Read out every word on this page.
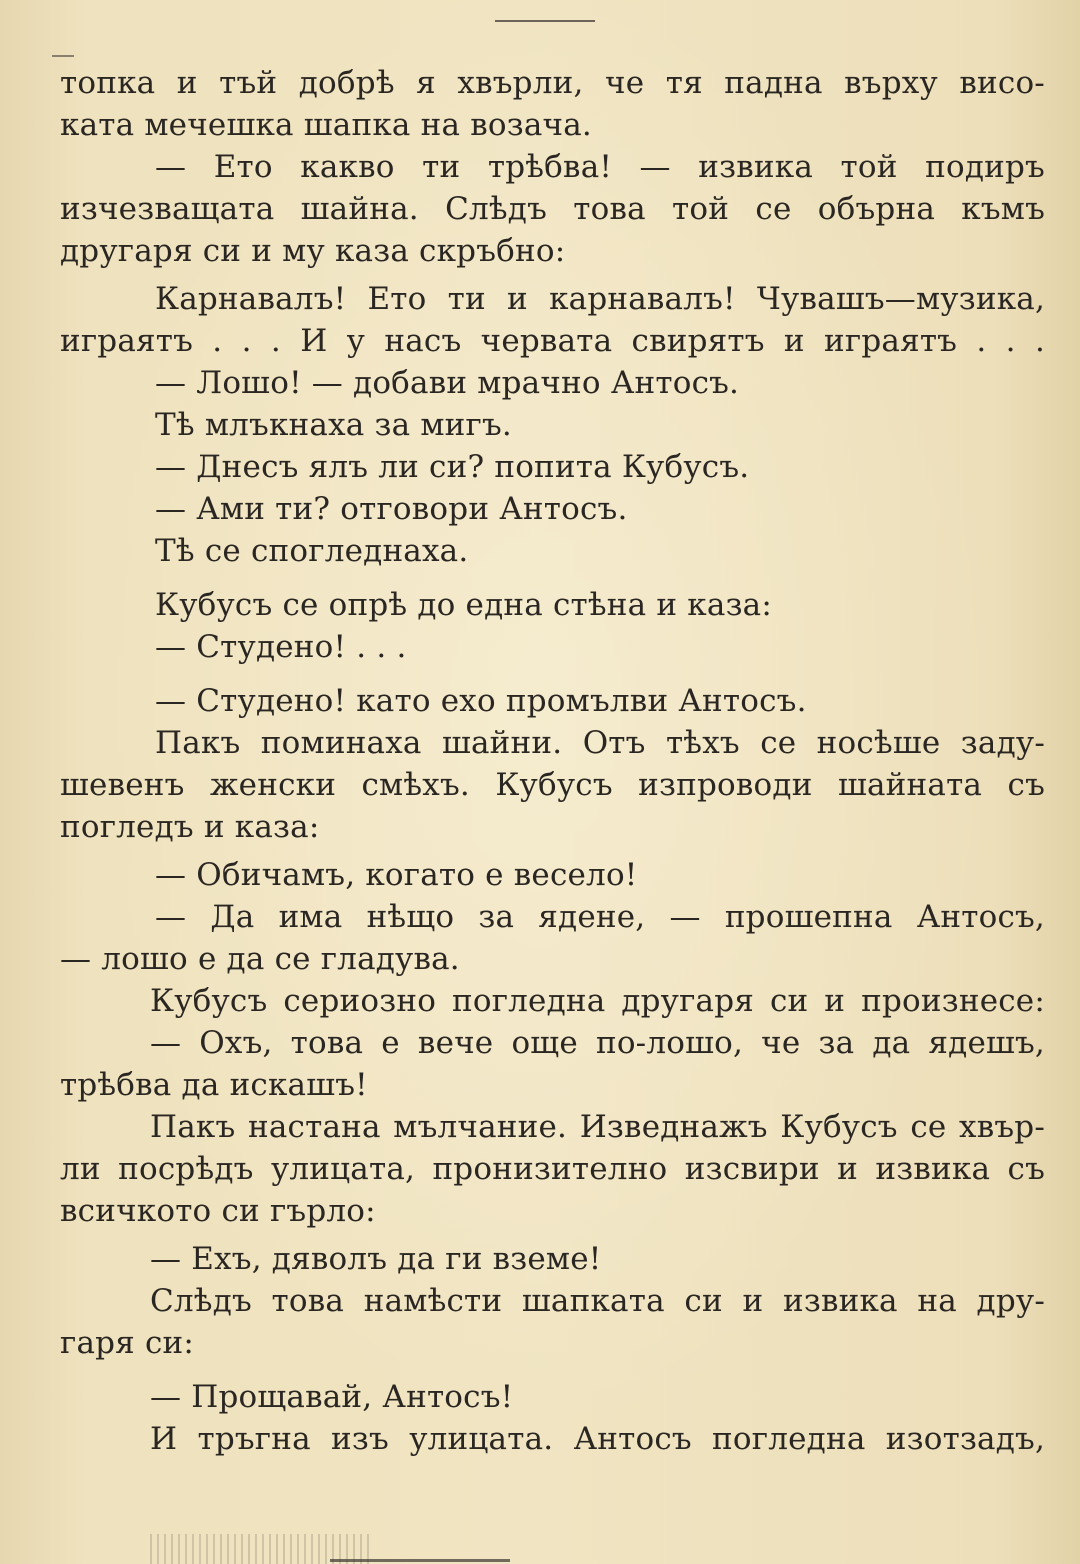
топка и тъй добрѣ я хвърли, че тя падна върху висо-
ката мечешка шапка на возача.
— Ето какво ти трѣбва! — извика той подиръ
изчезващата шайна. Слѣдъ това той се обърна къмъ
другаря си и му каза скръбно:
Карнавалъ! Ето ти и карнавалъ! Чувашъ—музика,
играятъ . . . И у насъ червата свирятъ и играятъ . . .
— Лошо! — добави мрачно Антосъ.
Тѣ млъкнаха за мигъ.
— Днесъ ялъ ли си? попита Кубусъ.
— Ами ти? отговори Антосъ.
Тѣ се спогледнаха.
Кубусъ се опрѣ до една стѣна и каза:
— Студено! . . .
— Студено! като ехо промълви Антосъ.
Пакъ поминаха шайни. Отъ тѣхъ се носѣше заду-
шевенъ женски смѣхъ. Кубусъ изпроводи шайната съ
погледъ и каза:
— Обичамъ, когато е весело!
— Да има нѣщо за ядене, — прошепна Антосъ,
— лошо е да се гладува.
Кубусъ сериозно погледна другаря си и произнесе:
— Охъ, това е вече още по-лошо, че за да ядешъ,
трѣбва да искашъ!
Пакъ настана мълчание. Изведнажъ Кубусъ се хвър-
ли посрѣдъ улицата, пронизително изсвири и извика съ
всичкото си гърло:
— Ехъ, дяволъ да ги вземе!
Слѣдъ това намѣсти шапката си и извика на дру-
гаря си:
— Прощавай, Антосъ!
И тръгна изъ улицата. Антосъ погледна изотзадъ,
